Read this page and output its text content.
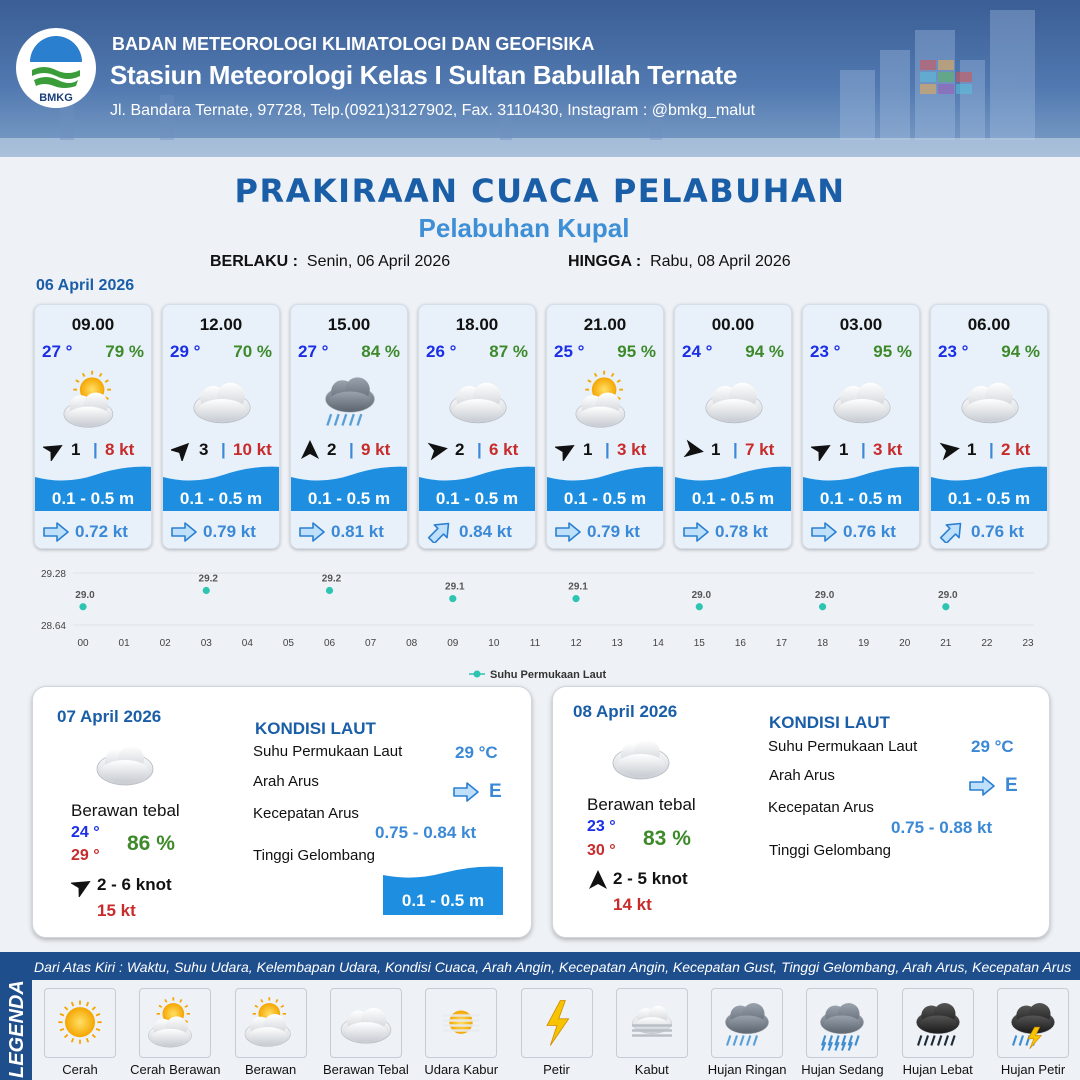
BMKG
BADAN METEOROLOGI KLIMATOLOGI DAN GEOFISIKA
Stasiun Meteorologi Kelas I Sultan Babullah Ternate
Jl. Bandara Ternate, 97728, Telp.(0921)3127902, Fax. 3110430, Instagram : @bmkg_malut
PRAKIRAAN CUACA PELABUHAN
Pelabuhan Kupal
BERLAKU : Senin, 06 April 2026	HINGGA : Rabu, 08 April 2026
06 April 2026
09.00
27 ° 79 %
1 | 8 kt
0.1 - 0.5 m
0.72 kt
12.00
29 ° 70 %
3 | 10 kt
0.1 - 0.5 m
0.79 kt
15.00
27 ° 84 %
2 | 9 kt
0.1 - 0.5 m
0.81 kt
18.00
26 ° 87 %
2 | 6 kt
0.1 - 0.5 m
0.84 kt
21.00
25 ° 95 %
1 | 3 kt
0.1 - 0.5 m
0.79 kt
00.00
24 ° 94 %
1 | 7 kt
0.1 - 0.5 m
0.78 kt
03.00
23 ° 95 %
1 | 3 kt
0.1 - 0.5 m
0.76 kt
06.00
23 ° 94 %
1 | 2 kt
0.1 - 0.5 m
0.76 kt
29.28
28.64
00	01	02	03	04	05	06	07	08	09	10	11	12	13	14	15	16	17	18	19	20	21	22	23
29.0
29.2	29.2
29.1	29.1
29.0	29.0	29.0
Suhu Permukaan Laut
07 April 2026
Berawan tebal
24 °
29 °
86 %
2 - 6 knot
15 kt
KONDISI LAUT
Suhu Permukaan Laut	29 °C
Arah Arus	E
Kecepatan Arus
0.75 - 0.84 kt
Tinggi Gelombang
0.1 - 0.5 m
08 April 2026
Berawan tebal
23 °
30 °
83 %
2 - 5 knot
14 kt
KONDISI LAUT
Suhu Permukaan Laut	29 °C
Arah Arus	E
Kecepatan Arus
0.75 - 0.88 kt
Tinggi Gelombang
LEGENDA
Dari Atas Kiri : Waktu, Suhu Udara, Kelembapan Udara, Kondisi Cuaca, Arah Angin, Kecepatan Angin, Kecepatan Gust, Tinggi Gelombang, Arah Arus, Kecepatan Arus
Cerah	Cerah Berawan	Berawan	Berawan Tebal	Udara Kabur	Petir	Kabut	Hujan Ringan	Hujan Sedang	Hujan Lebat	Hujan Petir
